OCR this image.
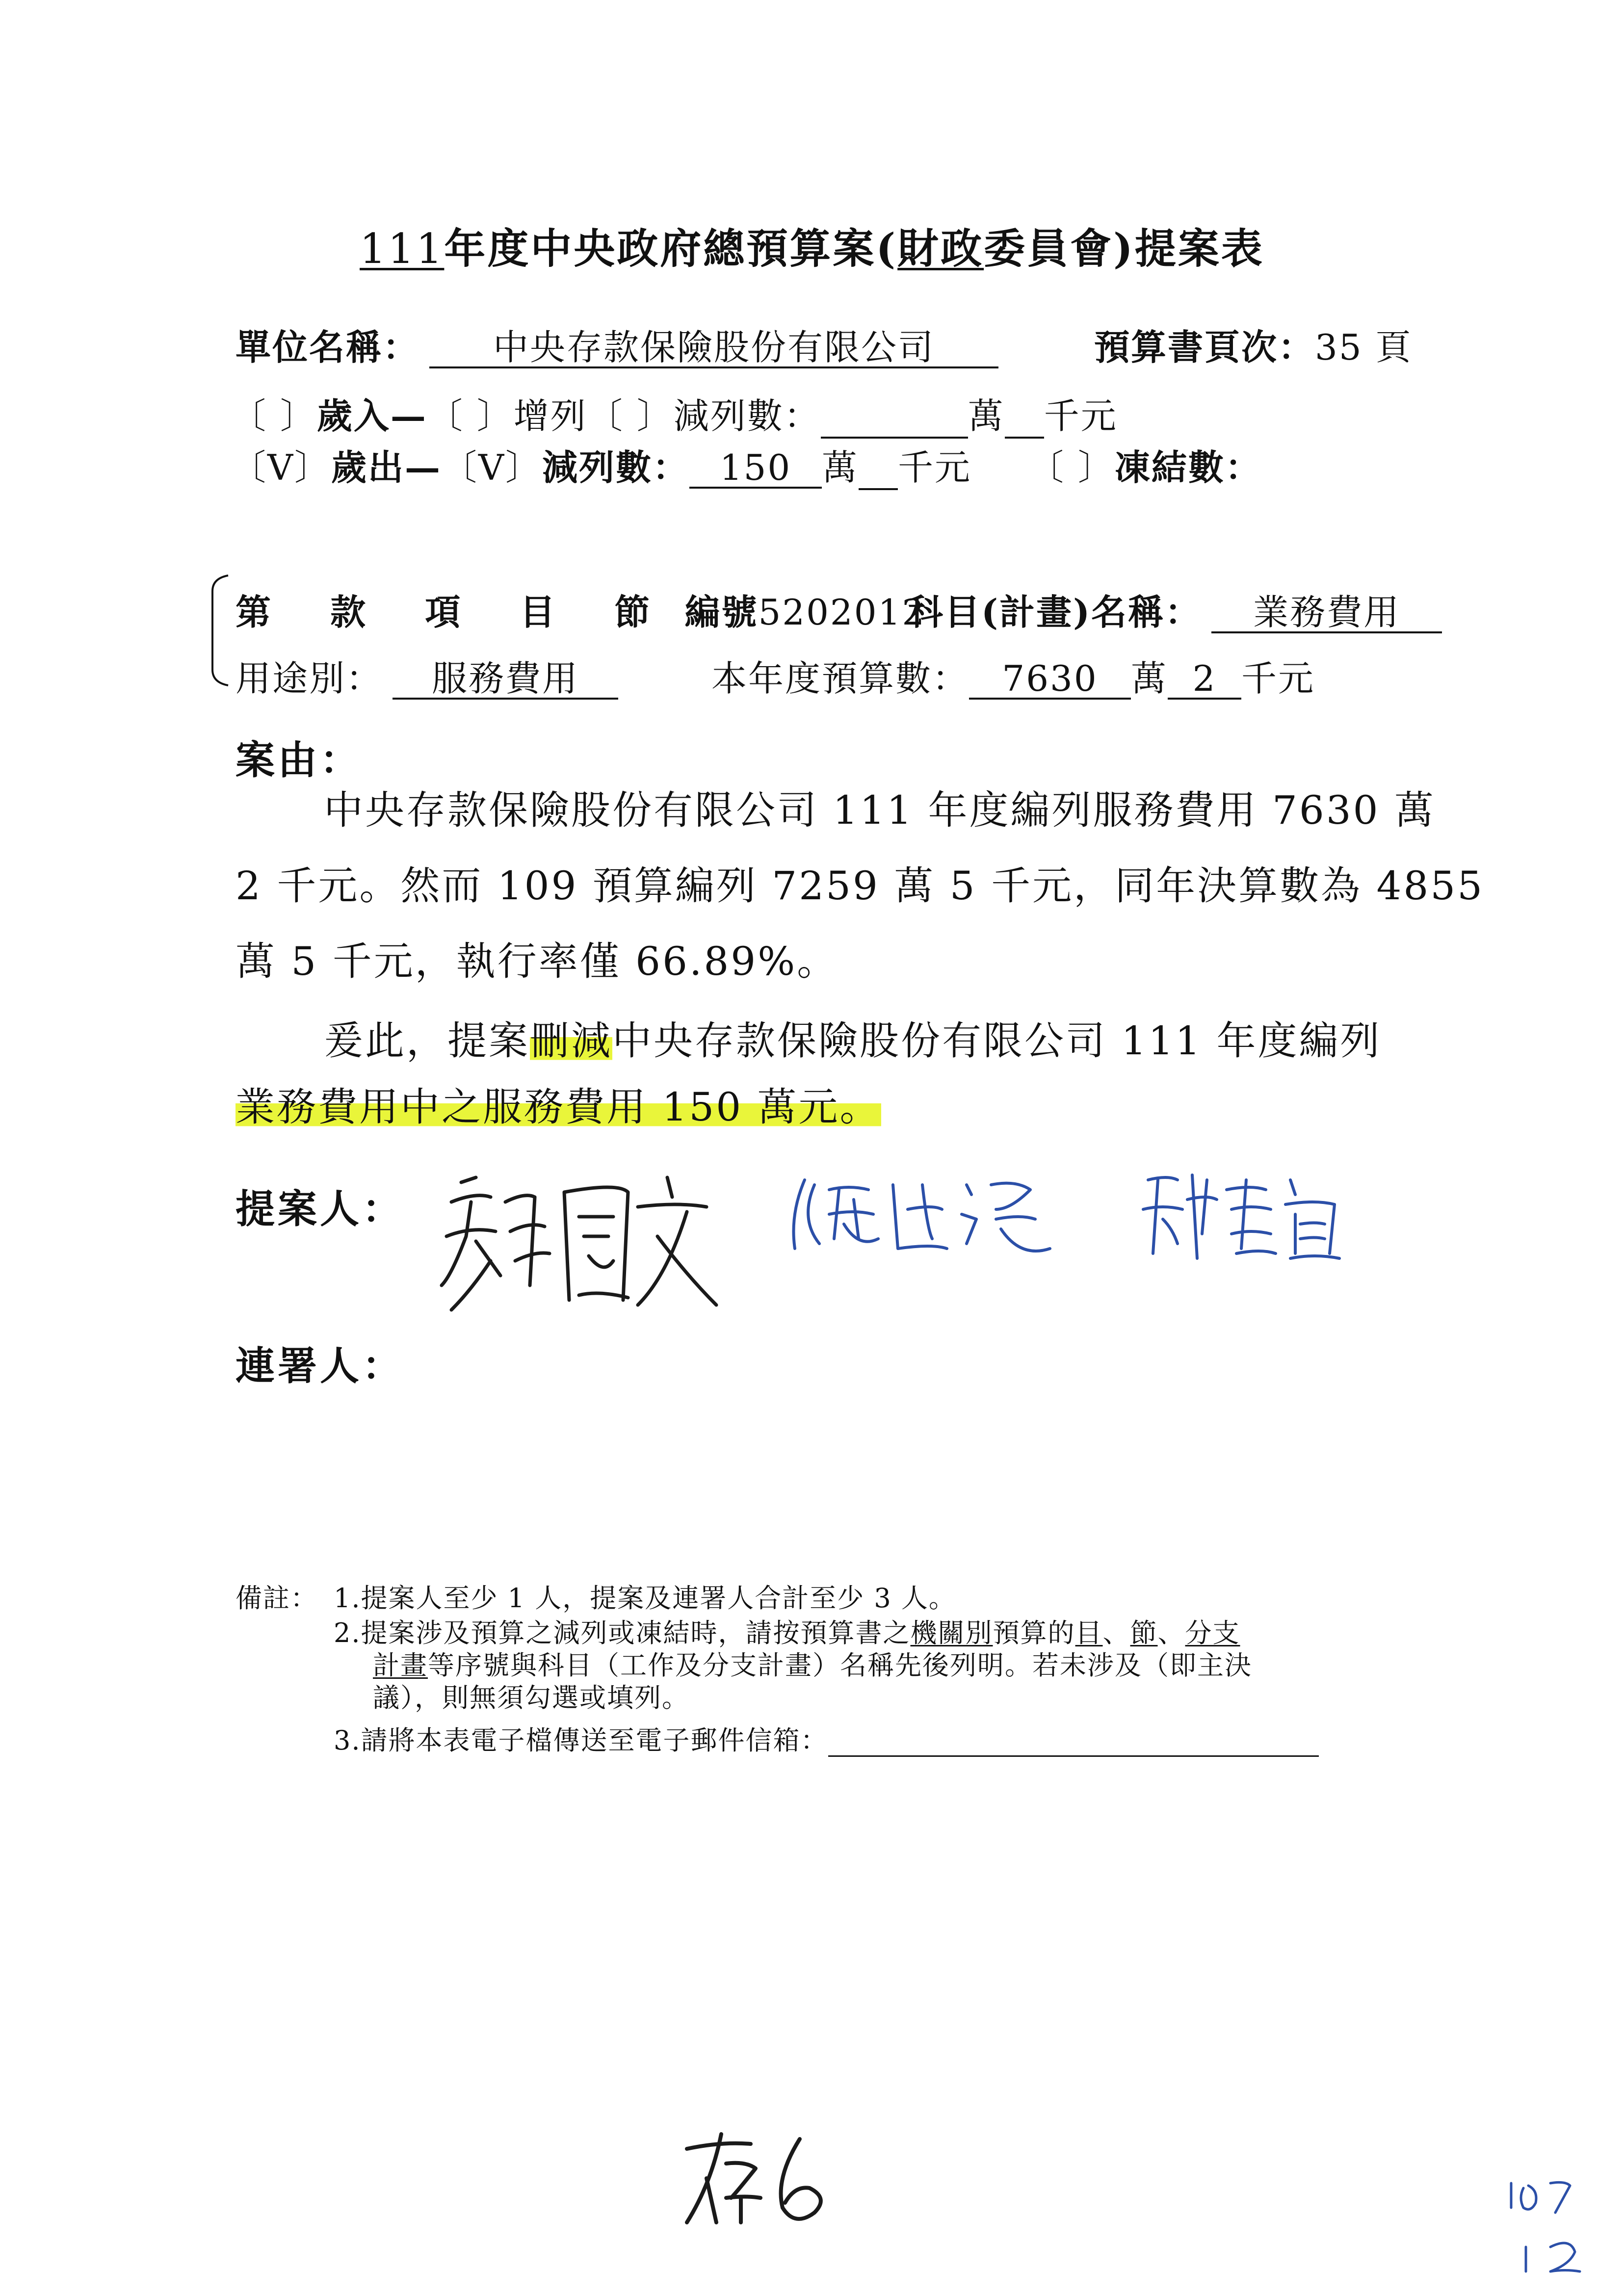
111年度中央政府總預算案(財政委員會)提案表
單位名稱： 中央存款保險股份有限公司	預算書頁次：35 頁
〔 〕歲入—〔 〕增列〔 〕減列數：	萬 千元
〔V〕歲出—〔V〕減列數： 150 萬 千元 〔 〕凍結數：
第 款 項 目 節 編號5202012
科目(計畫)名稱： 業務費用
用途別： 服務費用	本年度預算數： 7630 萬 2 千元
案由：
中央存款保險股份有限公司 111 年度編列服務費用 7630 萬
2 千元。然而 109 預算編列 7259 萬 5 千元，同年決算數為 4855
萬 5 千元，執行率僅 66.89%。
爰此，提案刪減中央存款保險股份有限公司 111 年度編列
業務費用中之服務費用 150 萬元。
提案人：
連署人：
備註： 1.提案人至少 1 人，提案及連署人合計至少 3 人。
2.提案涉及預算之減列或凍結時，請按預算書之機關別預算的目、節、分支
計畫等序號與科目（工作及分支計畫）名稱先後列明。若未涉及（即主決
議），則無須勾選或填列。
3.請將本表電子檔傳送至電子郵件信箱：
